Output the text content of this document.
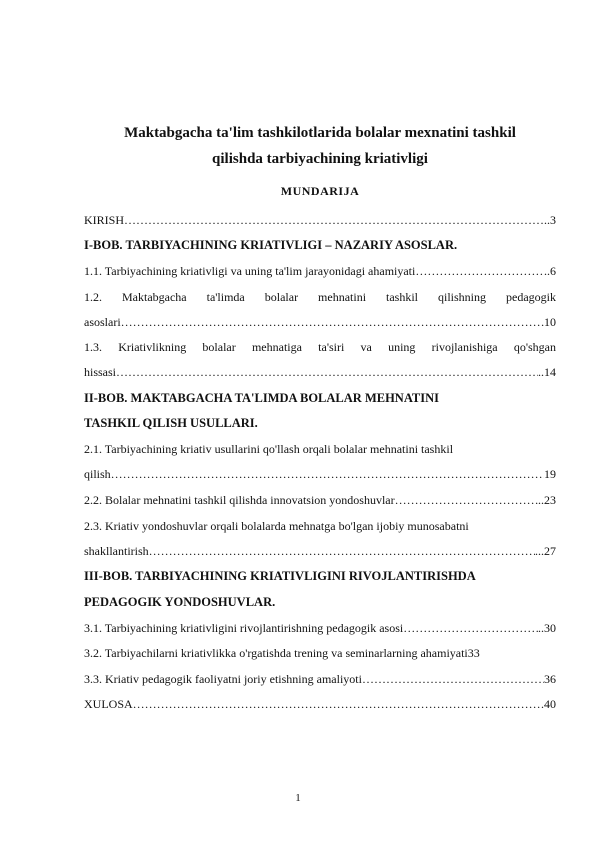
Maktabgacha ta'lim tashkilotlarida bolalar mexnatini tashkil
qilishda tarbiyachining kriativligi
MUNDARIJA
KIRISH …………………………………………………………………………………………………………………………………	..3
I-BOB. TARBIYACHINING KRIATIVLIGI – NAZARIY ASOSLAR.
1.1. Tarbiyachining kriativligi va uning ta'lim jarayonidagi ahamiyati …………………………………………………………………………………………………………………………………	..6
1.2. Maktabgacha ta'limda bolalar mehnatini tashkil qilishning pedagogik
asoslari …………………………………………………………………………………………………………………………………	10
1.3. Kriativlikning bolalar mehnatiga ta'siri va uning rivojlanishiga qo'shgan
hissasi …………………………………………………………………………………………………………………………………	..14
II-BOB. MAKTABGACHA TA'LIMDA BOLALAR MEHNATINI
TASHKIL QILISH USULLARI.
2.1. Tarbiyachining kriativ usullarini qo'llash orqali bolalar mehnatini tashkil
qilish …………………………………………………………………………………………………………………………………	19
2.2. Bolalar mehnatini tashkil qilishda innovatsion yondoshuvlar …………………………………………………………………………………………………………………………………	..23
2.3. Kriativ yondoshuvlar orqali bolalarda mehnatga bo'lgan ijobiy munosabatni
shakllantirish …………………………………………………………………………………………………………………………………	...27
III-BOB. TARBIYACHINING KRIATIVLIGINI RIVOJLANTIRISHDA
PEDAGOGIK YONDOSHUVLAR.
3.1. Tarbiyachining kriativligini rivojlantirishning pedagogik asosi …………………………………………………………………………………………………………………………………	..30
3.2. Tarbiyachilarni kriativlikka o'rgatishda trening va seminarlarning ahamiyati 33
3.3. Kriativ pedagogik faoliyatni joriy etishning amaliyoti …………………………………………………………………………………………………………………………………	36
XULOSA …………………………………………………………………………………………………………………………………	.40
1
